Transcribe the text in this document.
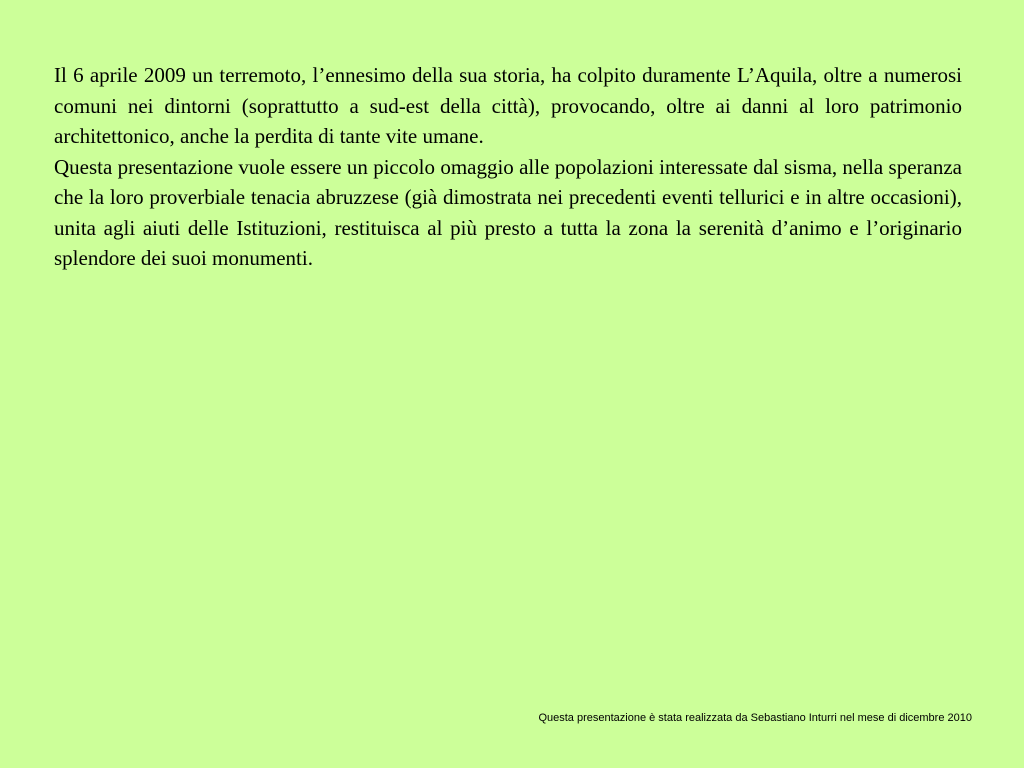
Il 6 aprile 2009 un terremoto, l’ennesimo della sua storia, ha colpito duramente L’Aquila, oltre a numerosi comuni nei dintorni (soprattutto a sud-est della città), provocando, oltre ai danni al loro patrimonio architettonico, anche la perdita di tante vite umane.

Questa presentazione vuole essere un piccolo omaggio alle popolazioni interessate dal sisma, nella speranza che la loro proverbiale tenacia abruzzese (già dimostrata nei precedenti eventi tellurici e in altre occasioni), unita agli aiuti delle Istituzioni, restituisca al più presto a tutta la zona la serenità d’animo e l’originario splendore dei suoi monumenti.

Questa presentazione è stata realizzata da Sebastiano Inturri nel mese di dicembre 2010
